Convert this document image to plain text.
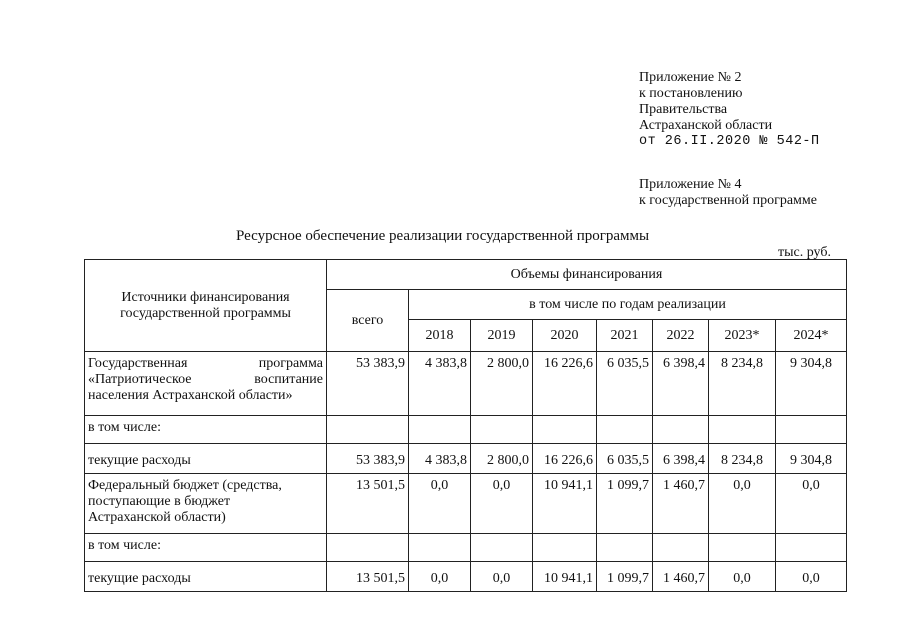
Приложение № 2
к постановлению
Правительства
Астраханской области
от 26.II.2020 № 542-П
Приложение № 4
к государственной программе
Ресурсное обеспечение реализации государственной программы
тыс. руб.
Источники финансирования государственной программы	Объемы финансирования							
	всего	в том числе по годам реализации						
		2018	2019	2020	2021	2022	2023*	2024*

Государственная программа
«Патриотическое воспитание
населения Астраханской области»	53 383,9	4 383,8	2 800,0	16 226,6	6 035,5	6 398,4	8 234,8	9 304,8
в том числе:								
текущие расходы	53 383,9	4 383,8	2 800,0	16 226,6	6 035,5	6 398,4	8 234,8	9 304,8

Федеральный бюджет (средства,
поступающие в бюджет
Астраханской области)	13 501,5	0,0	0,0	10 941,1	1 099,7	1 460,7	0,0	0,0
в том числе:								
текущие расходы	13 501,5	0,0	0,0	10 941,1	1 099,7	1 460,7	0,0	0,0
